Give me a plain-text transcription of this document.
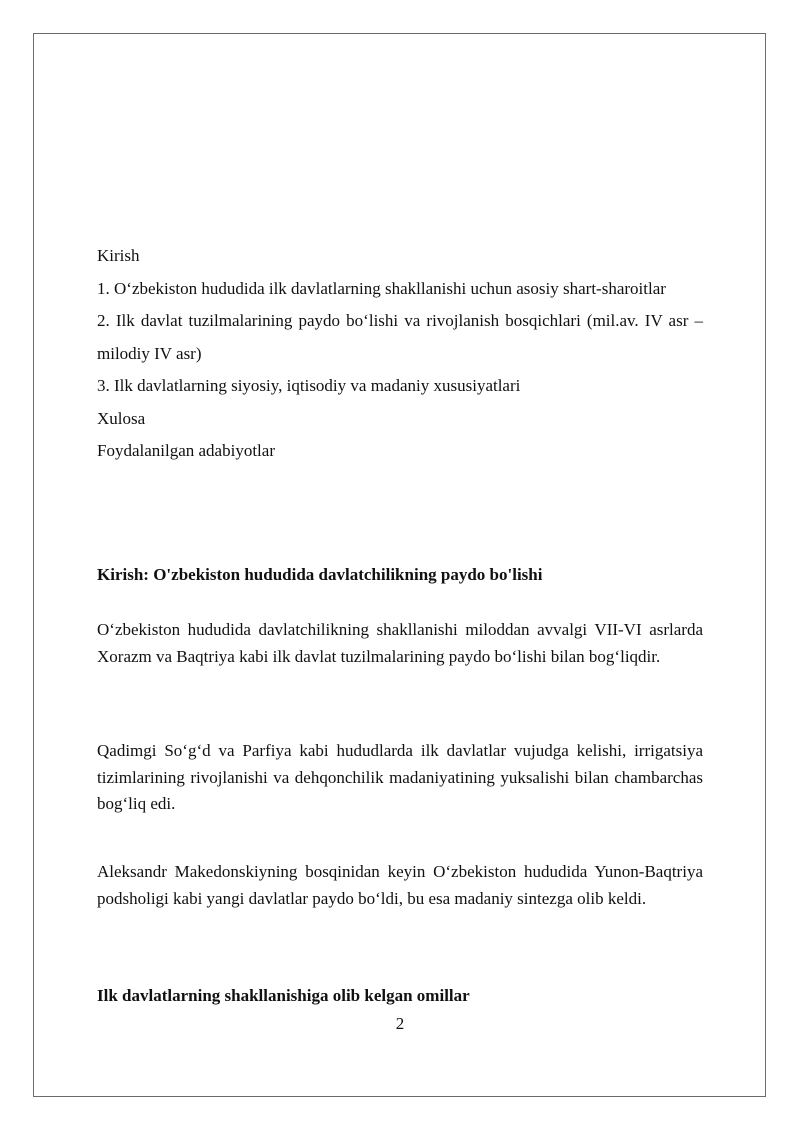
Kirish

1. O‘zbekiston hududida ilk davlatlarning shakllanishi uchun asosiy shart-sharoitlar

2. Ilk davlat tuzilmalarining paydo bo‘lishi va rivojlanish bosqichlari (mil.av. IV asr – milodiy IV asr)

3. Ilk davlatlarning siyosiy, iqtisodiy va madaniy xususiyatlari

Xulosa

Foydalanilgan adabiyotlar

Kirish: O'zbekiston hududida davlatchilikning paydo bo'lishi

O‘zbekiston hududida davlatchilikning shakllanishi miloddan avvalgi VII-VI asrlarda Xorazm va Baqtriya kabi ilk davlat tuzilmalarining paydo bo‘lishi bilan bog‘liqdir.

Qadimgi So‘g‘d va Parfiya kabi hududlarda ilk davlatlar vujudga kelishi, irrigatsiya tizimlarining rivojlanishi va dehqonchilik madaniyatining yuksalishi bilan chambarchas bog‘liq edi.

Aleksandr Makedonskiyning bosqinidan keyin O‘zbekiston hududida Yunon-Baqtriya podsholigi kabi yangi davlatlar paydo bo‘ldi, bu esa madaniy sintezga olib keldi.

Ilk davlatlarning shakllanishiga olib kelgan omillar
2
